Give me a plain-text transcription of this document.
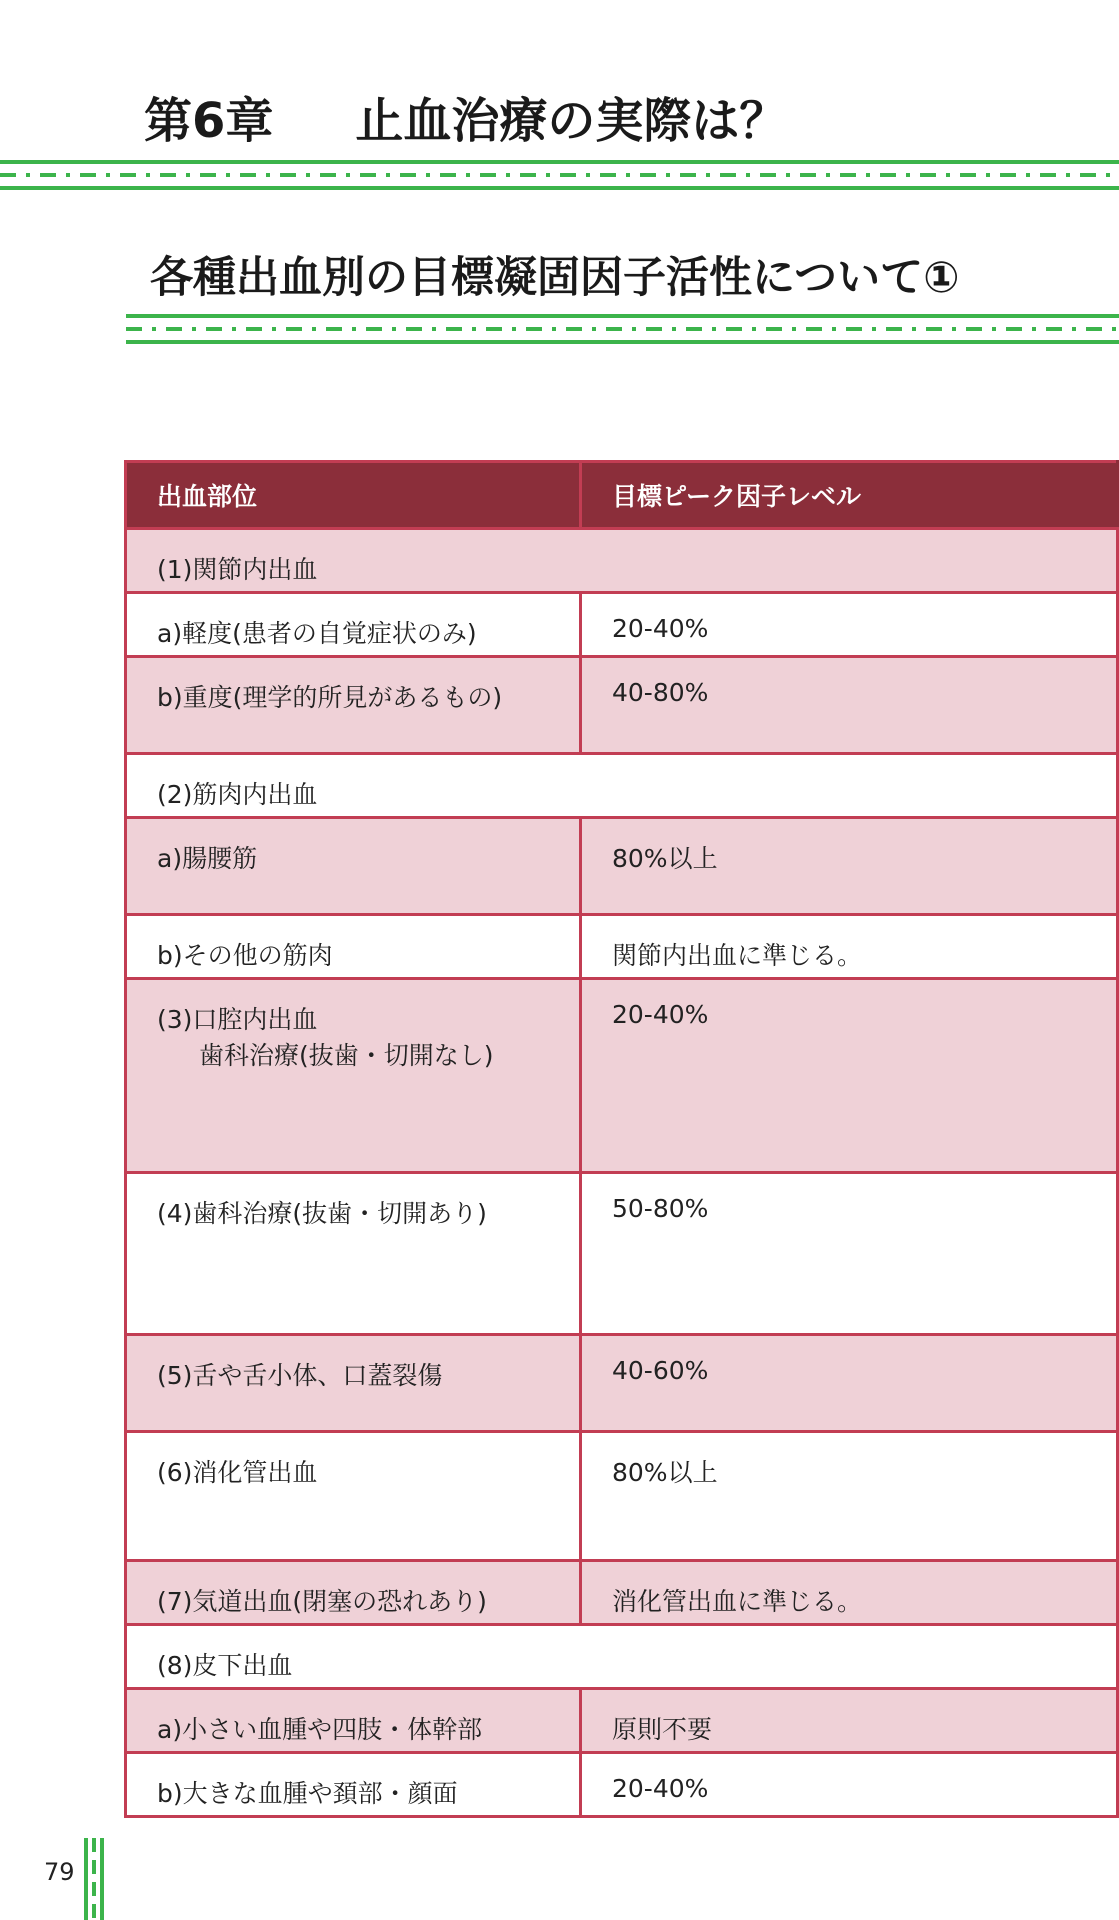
第6章 止血治療の実際は？
各種出血別の目標凝固因子活性について①
出血部位	目標ピーク因子レベル
(1)関節内出血	
a)軽度(患者の自覚症状のみ)	20-40%
b)重度(理学的所見があるもの)	40-80%
(2)筋肉内出血	
a)腸腰筋	80%以上
b)その他の筋肉	関節内出血に準じる。

(3)口腔内出血
歯科治療(抜歯・切開なし)	20-40%
(4)歯科治療(抜歯・切開あり)	50-80%
(5)舌や舌小体、口蓋裂傷	40-60%
(6)消化管出血	80%以上
(7)気道出血(閉塞の恐れあり)	消化管出血に準じる。
(8)皮下出血	
a)小さい血腫や四肢・体幹部	原則不要
b)大きな血腫や頚部・顔面	20-40%
79
